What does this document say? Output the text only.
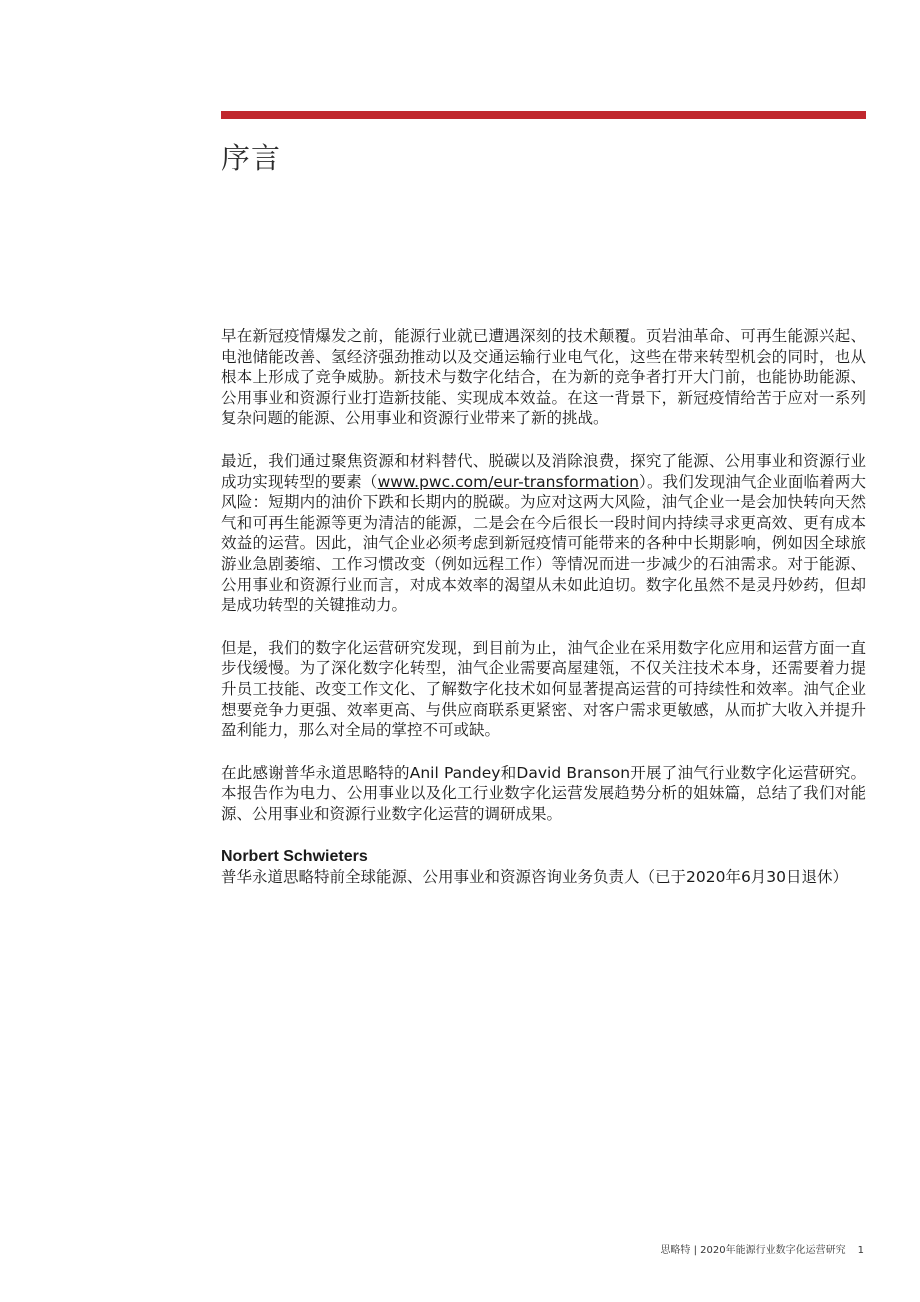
序言

早在新冠疫情爆发之前，能源行业就已遭遇深刻的技术颠覆。页岩油革命、可再生能源兴起、电池储能改善、氢经济强劲推动以及交通运输行业电气化，这些在带来转型机会的同时，也从根本上形成了竞争威胁。新技术与数字化结合，在为新的竞争者打开大门前，也能协助能源、公用事业和资源行业打造新技能、实现成本效益。在这一背景下，新冠疫情给苦于应对一系列复杂问题的能源、公用事业和资源行业带来了新的挑战。

最近，我们通过聚焦资源和材料替代、脱碳以及消除浪费，探究了能源、公用事业和资源行业成功实现转型的要素（www.pwc.com/eur-transformation）。我们发现油气企业面临着两大风险：短期内的油价下跌和长期内的脱碳。为应对这两大风险，油气企业一是会加快转向天然气和可再生能源等更为清洁的能源，二是会在今后很长一段时间内持续寻求更高效、更有成本效益的运营。因此，油气企业必须考虑到新冠疫情可能带来的各种中长期影响，例如因全球旅游业急剧萎缩、工作习惯改变（例如远程工作）等情况而进一步减少的石油需求。对于能源、公用事业和资源行业而言，对成本效率的渴望从未如此迫切。数字化虽然不是灵丹妙药，但却是成功转型的关键推动力。

但是，我们的数字化运营研究发现，到目前为止，油气企业在采用数字化应用和运营方面一直步伐缓慢。为了深化数字化转型，油气企业需要高屋建瓴，不仅关注技术本身，还需要着力提升员工技能、改变工作文化、了解数字化技术如何显著提高运营的可持续性和效率。油气企业想要竞争力更强、效率更高、与供应商联系更紧密、对客户需求更敏感，从而扩大收入并提升盈利能力，那么对全局的掌控不可或缺。

在此感谢普华永道思略特的Anil Pandey和David Branson开展了油气行业数字化运营研究。本报告作为电力、公用事业以及化工行业数字化运营发展趋势分析的姐妹篇，总结了我们对能源、公用事业和资源行业数字化运营的调研成果。

Norbert Schwieters

普华永道思略特前全球能源、公用事业和资源咨询业务负责人（已于2020年6月30日退休）

思略特 | 2020年能源行业数字化运营研究 1
